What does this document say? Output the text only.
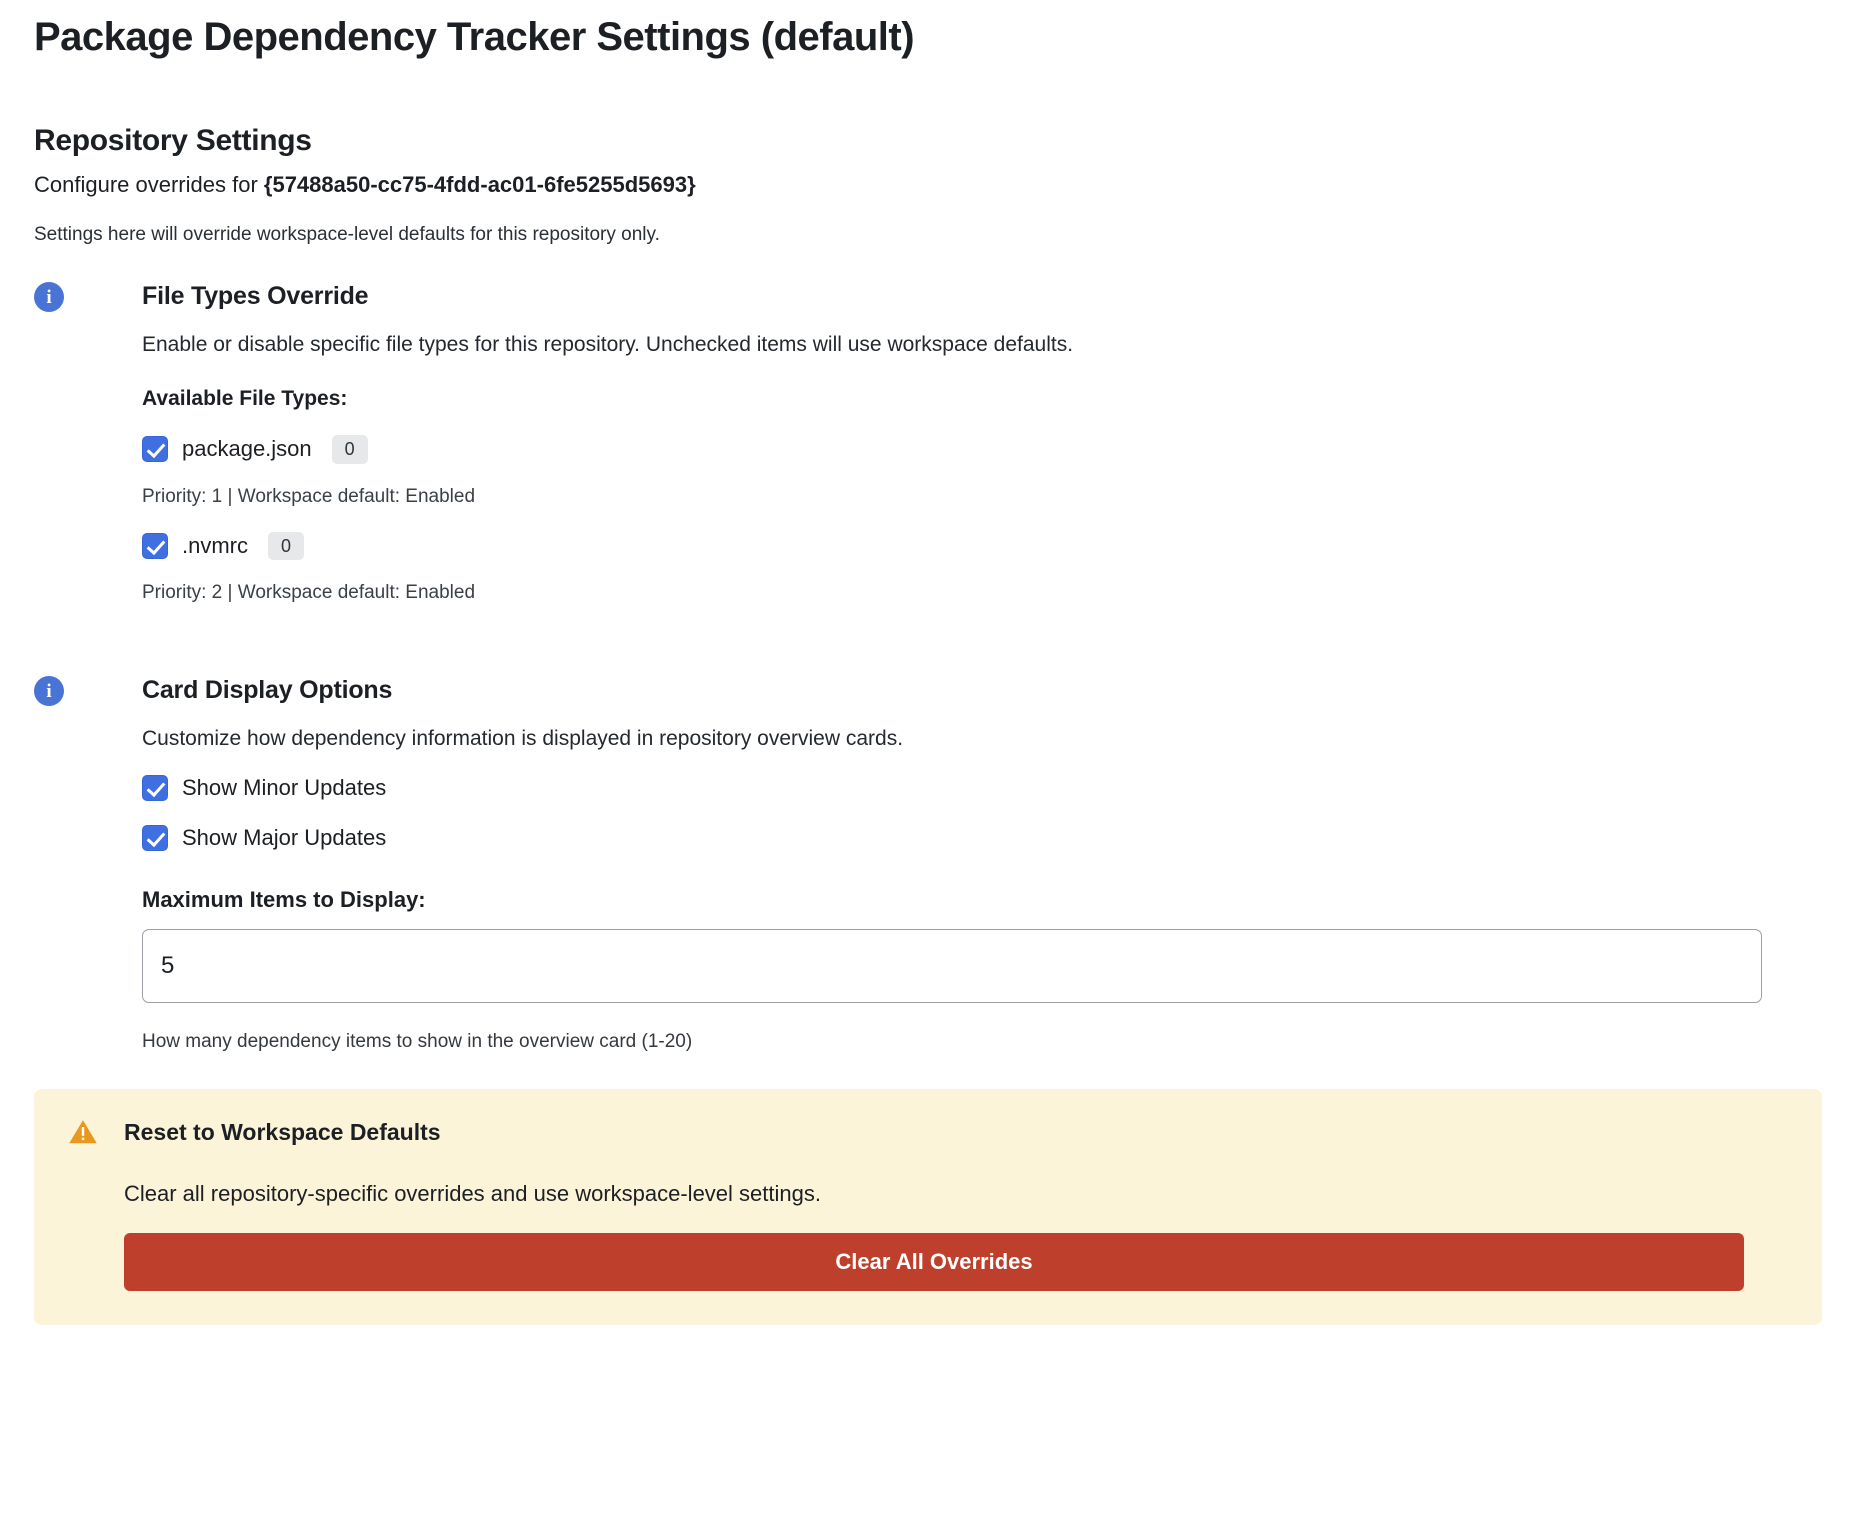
Package Dependency Tracker Settings (default)
Repository Settings
Configure overrides for {57488a50-cc75-4fdd-ac01-6fe5255d5693}
Settings here will override workspace-level defaults for this repository only.
i	File Types Override
Enable or disable specific file types for this repository. Unchecked items will use workspace defaults.
Available File Types:
package.json	0
Priority: 1 | Workspace default: Enabled
.nvmrc	0
Priority: 2 | Workspace default: Enabled
i	Card Display Options
Customize how dependency information is displayed in repository overview cards.
Show Minor Updates
Show Major Updates
Maximum Items to Display:
5
How many dependency items to show in the overview card (1-20)
Reset to Workspace Defaults
Clear all repository-specific overrides and use workspace-level settings.
Clear All Overrides
